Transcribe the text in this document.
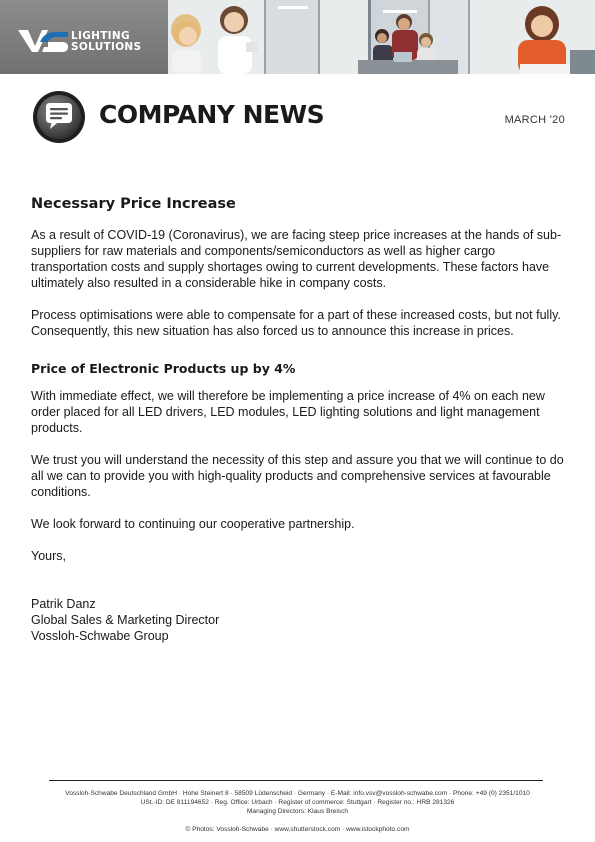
LIGHTING
SOLUTIONS
COMPANY NEWS	MARCH '20
Necessary Price Increase

As a result of COVID-19 (Coronavirus), we are facing steep price increases at the hands of sub-suppliers for raw materials and components/semiconductors as well as higher cargo transportation costs and supply shortages owing to current developments. These factors have ultimately also resulted in a considerable hike in company costs.

Process optimisations were able to compensate for a part of these increased costs, but not fully. Consequently, this new situation has also forced us to announce this increase in prices.

Price of Electronic Products up by 4%

With immediate effect, we will therefore be implementing a price increase of 4% on each new order placed for all LED drivers, LED modules, LED lighting solutions and light management products.

We trust you will understand the necessity of this step and assure you that we will continue to do all we can to provide you with high-quality products and comprehensive services at favourable conditions.

We look forward to continuing our cooperative partnership.

Yours,

Patrik Danz
Global Sales & Marketing Director
Vossloh-Schwabe Group
Vossloh-Schwabe Deutschland GmbH · Hohe Steinert 8 · 58509 Lüdenscheid · Germany · E-Mail: info.vsv@vossloh-schwabe.com · Phone: +49 (0) 2351/1010
USt.-ID: DE 811194652 · Reg. Office: Urbach · Register of commerce: Stuttgart · Register no.: HRB 281326
Managing Directors: Klaus Breisch
© Photos: Vossloh-Schwabe · www.shutterstock.com · www.istockphoto.com
